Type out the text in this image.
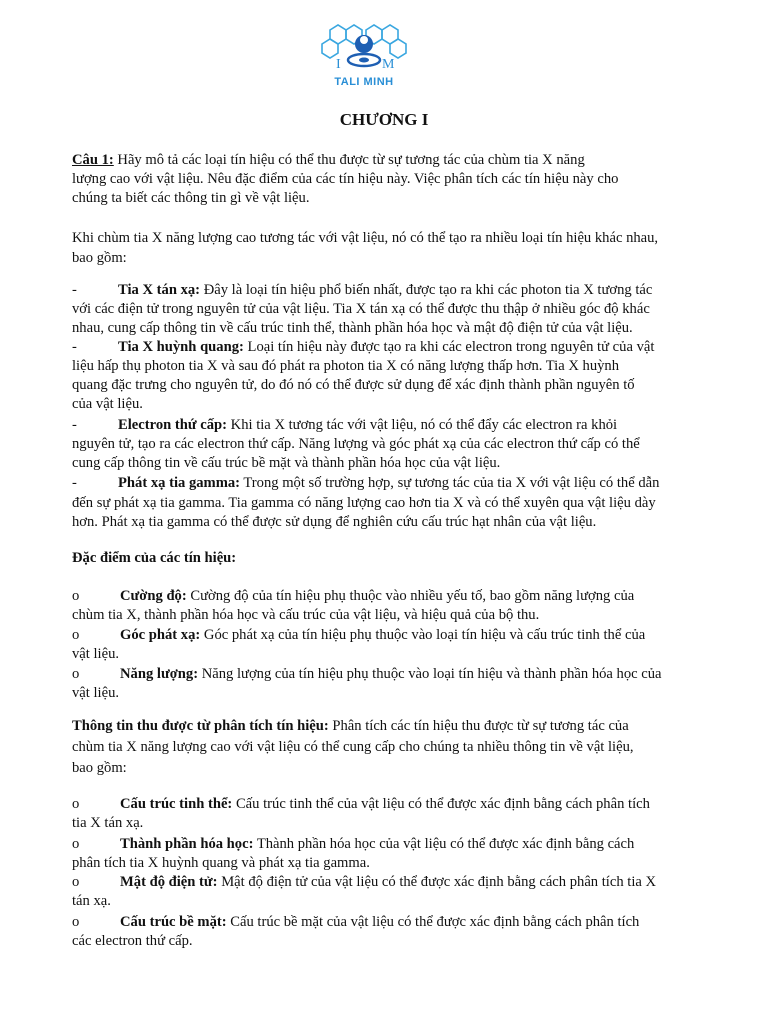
I	M
TALI MINH
CHƯƠNG I
Câu 1: Hãy mô tả các loại tín hiệu có thể thu được từ sự tương tác của chùm tia X năng
lượng cao với vật liệu. Nêu đặc điểm của các tín hiệu này. Việc phân tích các tín hiệu này cho
chúng ta biết các thông tin gì về vật liệu.
Khi chùm tia X năng lượng cao tương tác với vật liệu, nó có thể tạo ra nhiều loại tín hiệu khác nhau,
bao gồm:
-	Tia X tán xạ: Đây là loại tín hiệu phổ biến nhất, được tạo ra khi các photon tia X tương tác
với các điện tử trong nguyên tử của vật liệu. Tia X tán xạ có thể được thu thập ở nhiều góc độ khác
nhau, cung cấp thông tin về cấu trúc tinh thể, thành phần hóa học và mật độ điện tử của vật liệu.
-	Tia X huỳnh quang: Loại tín hiệu này được tạo ra khi các electron trong nguyên tử của vật
liệu hấp thụ photon tia X và sau đó phát ra photon tia X có năng lượng thấp hơn. Tia X huỳnh
quang đặc trưng cho nguyên tử, do đó nó có thể được sử dụng để xác định thành phần nguyên tố
của vật liệu.
-	Electron thứ cấp: Khi tia X tương tác với vật liệu, nó có thể đẩy các electron ra khỏi
nguyên tử, tạo ra các electron thứ cấp. Năng lượng và góc phát xạ của các electron thứ cấp có thể
cung cấp thông tin về cấu trúc bề mặt và thành phần hóa học của vật liệu.
-	Phát xạ tia gamma: Trong một số trường hợp, sự tương tác của tia X với vật liệu có thể dẫn
đến sự phát xạ tia gamma. Tia gamma có năng lượng cao hơn tia X và có thể xuyên qua vật liệu dày
hơn. Phát xạ tia gamma có thể được sử dụng để nghiên cứu cấu trúc hạt nhân của vật liệu.
Đặc điểm của các tín hiệu:
o	Cường độ: Cường độ của tín hiệu phụ thuộc vào nhiều yếu tố, bao gồm năng lượng của
chùm tia X, thành phần hóa học và cấu trúc của vật liệu, và hiệu quả của bộ thu.
o	Góc phát xạ: Góc phát xạ của tín hiệu phụ thuộc vào loại tín hiệu và cấu trúc tinh thể của
vật liệu.
o	Năng lượng: Năng lượng của tín hiệu phụ thuộc vào loại tín hiệu và thành phần hóa học của
vật liệu.
Thông tin thu được từ phân tích tín hiệu: Phân tích các tín hiệu thu được từ sự tương tác của
chùm tia X năng lượng cao với vật liệu có thể cung cấp cho chúng ta nhiều thông tin về vật liệu,
bao gồm:
o	Cấu trúc tinh thể: Cấu trúc tinh thể của vật liệu có thể được xác định bằng cách phân tích
tia X tán xạ.
o	Thành phần hóa học: Thành phần hóa học của vật liệu có thể được xác định bằng cách
phân tích tia X huỳnh quang và phát xạ tia gamma.
o	Mật độ điện tử: Mật độ điện tử của vật liệu có thể được xác định bằng cách phân tích tia X
tán xạ.
o	Cấu trúc bề mặt: Cấu trúc bề mặt của vật liệu có thể được xác định bằng cách phân tích
các electron thứ cấp.
